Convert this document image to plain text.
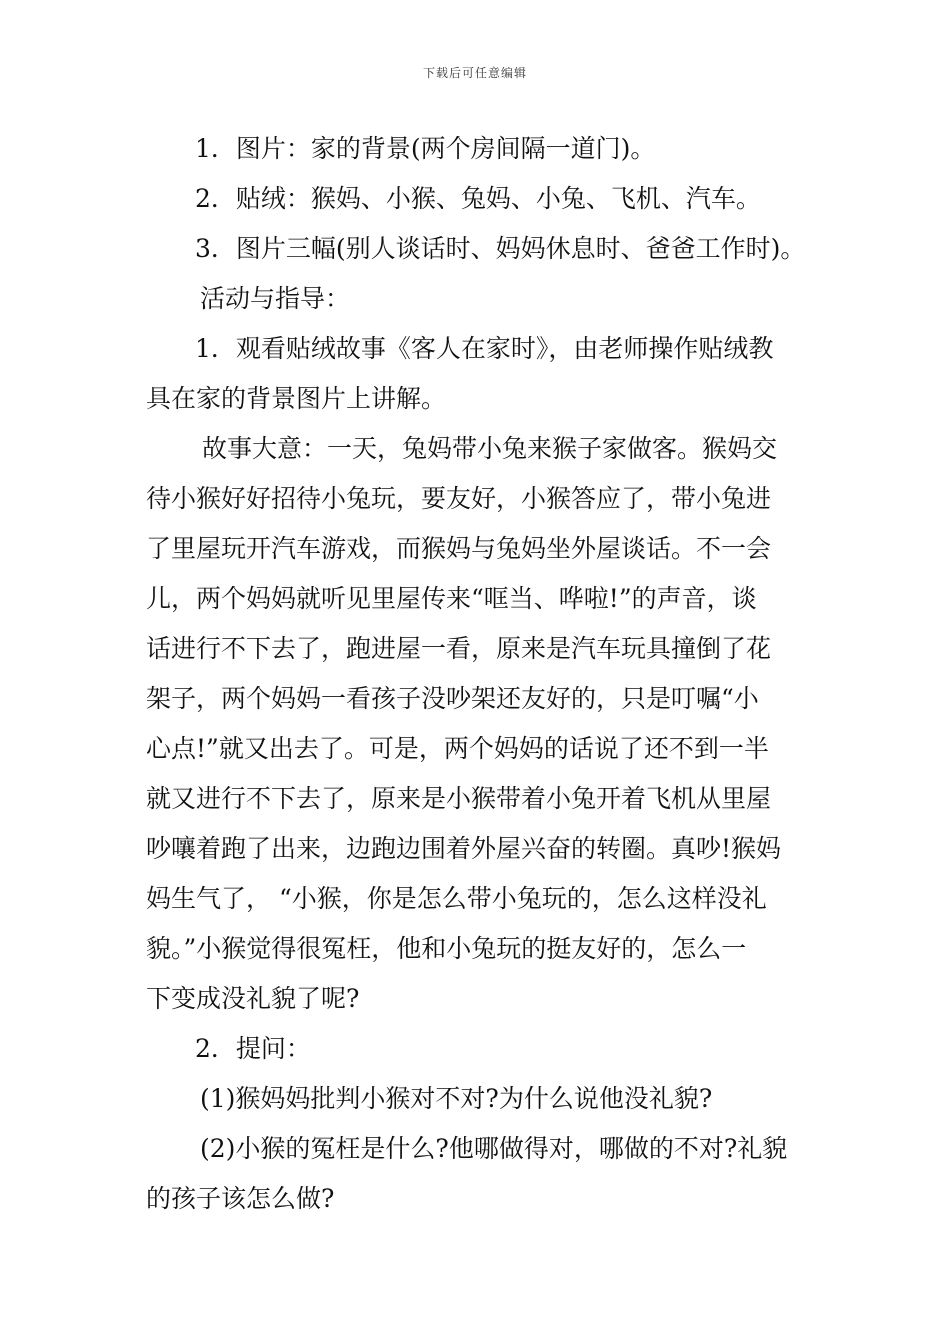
下载后可任意编辑

1．图片：家的背景(两个房间隔一道门)。

2．贴绒：猴妈、小猴、兔妈、小兔、飞机、汽车。

3．图片三幅(别人谈话时、妈妈休息时、爸爸工作时)。

活动与指导：

1．观看贴绒故事《客人在家时》，由老师操作贴绒教

具在家的背景图片上讲解。

故事大意：一天，兔妈带小兔来猴子家做客。猴妈交

待小猴好好招待小兔玩，要友好，小猴答应了，带小兔进

了里屋玩开汽车游戏，而猴妈与兔妈坐外屋谈话。不一会

儿，两个妈妈就听见里屋传来“哐当、哗啦!”的声音，谈

话进行不下去了，跑进屋一看，原来是汽车玩具撞倒了花

架子，两个妈妈一看孩子没吵架还友好的，只是叮嘱“小

心点!”就又出去了。可是，两个妈妈的话说了还不到一半

就又进行不下去了，原来是小猴带着小兔开着飞机从里屋

吵嚷着跑了出来，边跑边围着外屋兴奋的转圈。真吵!猴妈

妈生气了， “小猴，你是怎么带小兔玩的，怎么这样没礼

貌。”小猴觉得很冤枉，他和小兔玩的挺友好的，怎么一

下变成没礼貌了呢?

2．提问：

(1)猴妈妈批判小猴对不对?为什么说他没礼貌?

(2)小猴的冤枉是什么?他哪做得对，哪做的不对?礼貌

的孩子该怎么做?
